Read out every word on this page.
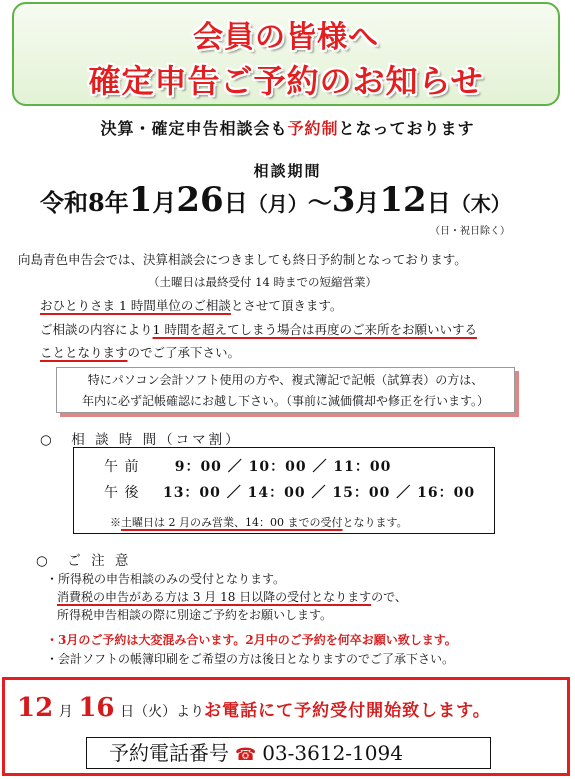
会員の皆様へ
確定申告ご予約のお知らせ
決算・確定申告相談会も予約制となっております
相談期間
令和8年1月26日（月）～3月12日（木）
（日・祝日除く）
向島青色申告会では、決算相談会につきましても終日予約制となっております。
（土曜日は最終受付 14 時までの短縮営業）
おひとりさま 1 時間単位のご相談とさせて頂きます。
ご相談の内容により1 時間を超えてしまう場合は再度のご来所をお願いいする
こととなりますのでご了承下さい。
特にパソコン会計ソフト使用の方や、複式簿記で記帳（試算表）の方は、
年内に必ず記帳確認にお越し下さい。（事前に減価償却や修正を行います。）
○　相 談 時 間（コマ割）
午 前	9：00 ／ 10：00 ／ 11：00
午 後 13：00 ／ 14：00 ／ 15：00 ／ 16：00
※土曜日は 2 月のみ営業、14：00 までの受付となります。
○　ご 注 意
・所得税の申告相談のみの受付となります。
消費税の申告がある方は 3 月 18 日以降の受付となりますので、
所得税申告相談の際に別途ご予約をお願いします。
・3月のご予約は大変混み合います。2月中のご予約を何卒お願い致します。
・会計ソフトの帳簿印刷をご希望の方は後日となりますのでご了承下さい。
12 月 16 日（火）よりお電話にて予約受付開始致します。
予約電話番号 ☎ 03-3612-1094
